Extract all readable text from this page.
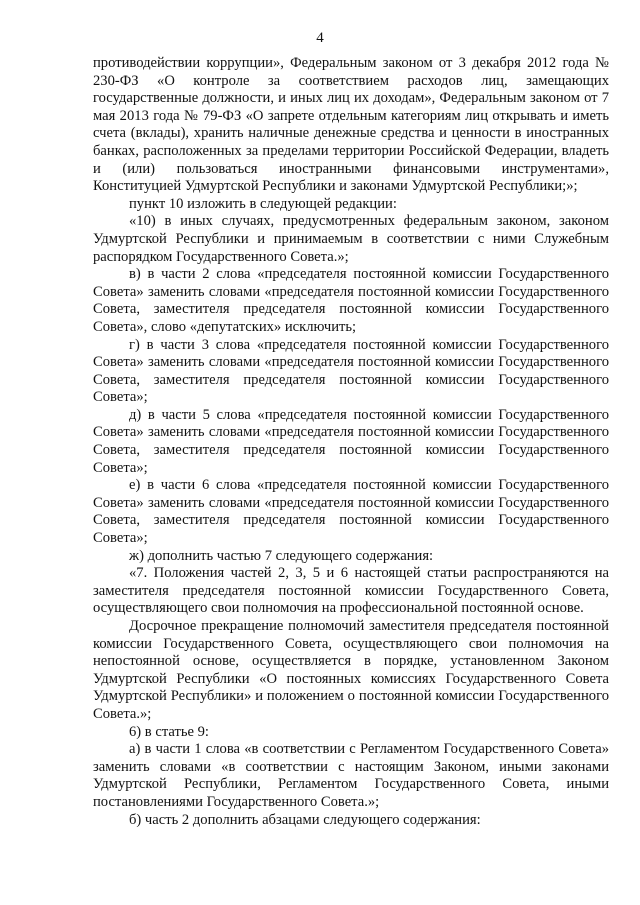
4

противодействии коррупции», Федеральным законом от 3 декабря 2012 года № 230-ФЗ «О контроле за соответствием расходов лиц, замещающих государственные должности, и иных лиц их доходам», Федеральным законом от 7 мая 2013 года № 79-ФЗ «О запрете отдельным категориям лиц открывать и иметь счета (вклады), хранить наличные денежные средства и ценности в иностранных банках, расположенных за пределами территории Российской Федерации, владеть и (или) пользоваться иностранными финансовыми инструментами», Конституцией Удмуртской Республики и законами Удмуртской Республики;»;

пункт 10 изложить в следующей редакции:

«10) в иных случаях, предусмотренных федеральным законом, законом Удмуртской Республики и принимаемым в соответствии с ними Служебным распорядком Государственного Совета.»;

в) в части 2 слова «председателя постоянной комиссии Государственного Совета» заменить словами «председателя постоянной комиссии Государственного Совета, заместителя председателя постоянной комиссии Государственного Совета», слово «депутатских» исключить;

г) в части 3 слова «председателя постоянной комиссии Государственного Совета» заменить словами «председателя постоянной комиссии Государственного Совета, заместителя председателя постоянной комиссии Государственного Совета»;

д) в части 5 слова «председателя постоянной комиссии Государственного Совета» заменить словами «председателя постоянной комиссии Государственного Совета, заместителя председателя постоянной комиссии Государственного Совета»;

е) в части 6 слова «председателя постоянной комиссии Государственного Совета» заменить словами «председателя постоянной комиссии Государственного Совета, заместителя председателя постоянной комиссии Государственного Совета»;

ж) дополнить частью 7 следующего содержания:

«7. Положения частей 2, 3, 5 и 6 настоящей статьи распространяются на заместителя председателя постоянной комиссии Государственного Совета, осуществляющего свои полномочия на профессиональной постоянной основе.

Досрочное прекращение полномочий заместителя председателя постоянной комиссии Государственного Совета, осуществляющего свои полномочия на непостоянной основе, осуществляется в порядке, установленном Законом Удмуртской Республики «О постоянных комиссиях Государственного Совета Удмуртской Республики» и положением о постоянной комиссии Государственного Совета.»;

6) в статье 9:

а) в части 1 слова «в соответствии с Регламентом Государственного Совета» заменить словами «в соответствии с настоящим Законом, иными законами Удмуртской Республики, Регламентом Государственного Совета, иными постановлениями Государственного Совета.»;

б) часть 2 дополнить абзацами следующего содержания:
